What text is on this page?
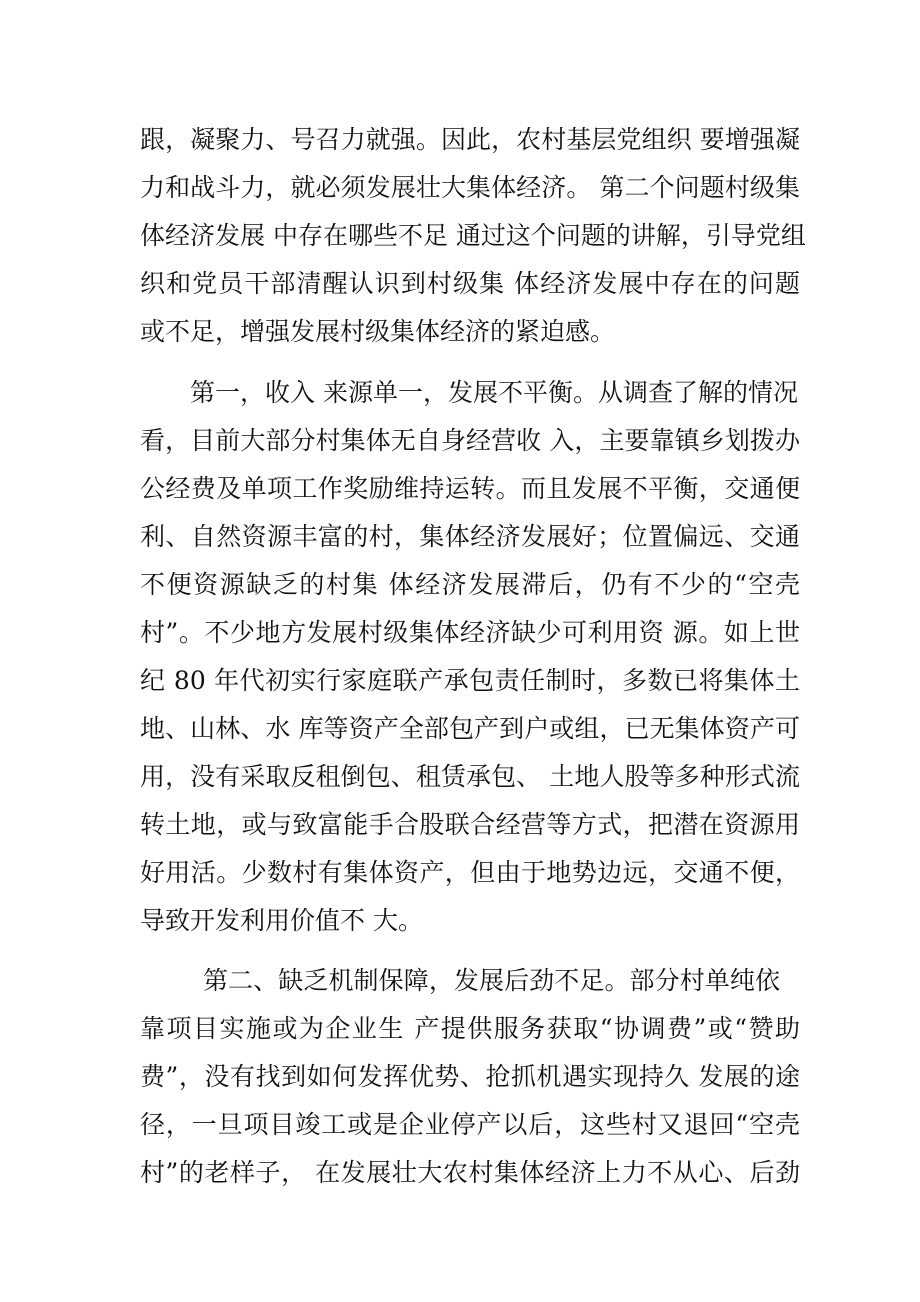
跟，凝聚力、号召力就强。因此，农村基层党组织 要增强凝

力和战斗力，就必须发展壮大集体经济。 第二个问题村级集

体经济发展 中存在哪些不足 通过这个问题的讲解，引导党组

织和党员干部清醒认识到村级集 体经济发展中存在的问题

或不足，增强发展村级集体经济的紧迫感。

第一，收入 来源单一，发展不平衡。从调查了解的情况

看，目前大部分村集体无自身经营收 入，主要靠镇乡划拨办

公经费及单项工作奖励维持运转。而且发展不平衡，交通便

利、自然资源丰富的村，集体经济发展好；位置偏远、交通

不便资源缺乏的村集 体经济发展滞后，仍有不少的“空壳

村”。不少地方发展村级集体经济缺少可利用资 源。如上世

纪 80 年代初实行家庭联产承包责任制时，多数已将集体土

地、山林、水 库等资产全部包产到户或组，已无集体资产可

用，没有采取反租倒包、租赁承包、 土地人股等多种形式流

转土地，或与致富能手合股联合经营等方式，把潜在资源用

好用活。少数村有集体资产，但由于地势边远，交通不便，

导致开发利用价值不 大。

第二、缺乏机制保障，发展后劲不足。部分村单纯依

靠项目实施或为企业生 产提供服务获取“协调费”或“赞助

费”，没有找到如何发挥优势、抢抓机遇实现持久 发展的途

径，一旦项目竣工或是企业停产以后，这些村又退回“空壳

村”的老样子， 在发展壮大农村集体经济上力不从心、后劲
